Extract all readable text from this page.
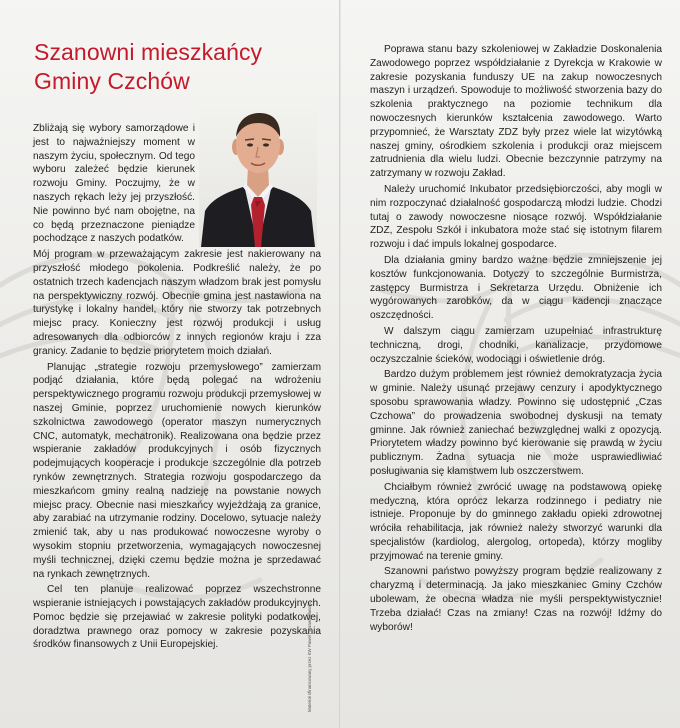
Szanowni mieszkańcy
Gminy Czchów

Zbliżają się wybory samorządowe i jest to najważniejszy moment w naszym życiu, społecznym. Od tego wyboru zależeć będzie kierunek rozwoju Gminy. Poczujmy, że w naszych rękach leży jej przyszłość. Nie powinno być nam obojętne, na co będą przeznaczone pieniądze pochodzące z naszych podatków.

Mój program w przeważającym zakresie jest nakierowany na przyszłość młodego pokolenia. Podkreślić należy, że po ostatnich trzech kadencjach naszym władzom brak jest pomysłu na perspektywiczny rozwój. Obecnie gmina jest nastawiona na turystykę i lokalny handel, który nie stworzy tak potrzebnych miejsc pracy. Konieczny jest rozwój produkcji i usług adresowanych dla odbiorców z innych regionów kraju i zza granicy. Zadanie to będzie priorytetem moich działań.

Planując „strategie rozwoju przemysłowego” zamierzam podjąć działania, które będą polegać na wdrożeniu perspektywicznego programu rozwoju produkcji przemysłowej w naszej Gminie, poprzez uruchomienie nowych kierunków szkolnictwa zawodowego (operator maszyn numerycznych CNC, automatyk, mechatronik). Realizowana ona będzie przez wspieranie zakładów produkcyjnych i osób fizycznych podejmujących kooperacje i produkcje szczególnie dla potrzeb rynków zewnętrznych. Strategia rozwoju gospodarczego da mieszkańcom gminy realną nadzieję na powstanie nowych miejsc pracy. Obecnie nasi mieszkańcy wyjeżdżają za granice, aby zarabiać na utrzymanie rodziny. Docelowo, sytuacje należy zmienić tak, aby u nas produkować nowoczesne wyroby o wysokim stopniu przetworzenia, wymagających nowoczesnej myśli technicznej, dzięki czemu będzie można je sprzedawać na rynkach zewnętrznych.

Cel ten planuje realizować poprzez wszechstronne wspieranie istniejących i powstających zakładów produkcyjnych. Pomoc będzie się przejawiać w zakresie polityki podatkowej, doradztwa prawnego oraz pomocy w zakresie pozyskania środków finansowych z Unii Europejskiej.	Materiał sfinansowany przez KW Pawel i sprawiedliwość

Poprawa stanu bazy szkoleniowej w Zakładzie Doskonalenia Zawodowego poprzez współdziałanie z Dyrekcja w Krakowie w zakresie pozyskania funduszy UE na zakup nowoczesnych maszyn i urządzeń. Spowoduje to możliwość stworzenia bazy do szkolenia praktycznego na poziomie technikum dla nowoczesnych kierunków kształcenia zawodowego. Warto przypomnieć, że Warsztaty ZDZ były przez wiele lat wizytówką naszej gminy, ośrodkiem szkolenia i produkcji oraz miejscem zatrudnienia dla wielu ludzi. Obecnie bezczynnie patrzymy na zatrzymany w rozwoju Zakład.

Należy uruchomić Inkubator przedsiębiorczości, aby mogli w nim rozpoczynać działalność gospodarczą młodzi ludzie. Chodzi tutaj o zawody nowoczesne niosące rozwój. Współdziałanie ZDZ, Zespołu Szkół i inkubatora może stać się istotnym filarem rozwoju i dać impuls lokalnej gospodarce.

Dla działania gminy bardzo ważne będzie zmniejszenie jej kosztów funkcjonowania. Dotyczy to szczególnie Burmistrza, zastępcy Burmistrza i Sekretarza Urzędu. Obniżenie ich wygórowanych zarobków, da w ciągu kadencji znaczące oszczędności.

W dalszym ciągu zamierzam uzupełniać infrastrukturę techniczną, drogi, chodniki, kanalizacje, przydomowe oczyszczalnie ścieków, wodociągi i oświetlenie dróg.

Bardzo dużym problemem jest również demokratyzacja życia w gminie. Należy usunąć przejawy cenzury i apodyktycznego sposobu sprawowania władzy. Powinno się udostępnić „Czas Czchowa” do prowadzenia swobodnej dyskusji na tematy gminne. Jak również zaniechać bezwzględnej walki z opozycją. Priorytetem władzy powinno być kierowanie się prawdą w życiu publicznym. Żadna sytuacja nie może usprawiedliwiać posługiwania się kłamstwem lub oszczerstwem.

Chciałbym również zwrócić uwagę na podstawową opiekę medyczną, która oprócz lekarza rodzinnego i pediatry nie istnieje. Proponuje by do gminnego zakładu opieki zdrowotnej wróciła rehabilitacja, jak również należy stworzyć warunki dla specjalistów (kardiolog, alergolog, ortopeda), którzy mogliby przyjmować na terenie gminy.

Szanowni państwo powyższy program będzie realizowany z charyzmą i determinacją. Ja jako mieszkaniec Gminy Czchów ubolewam, że obecna władza nie myśli perspektywistycznie! Trzeba działać! Czas na zmiany! Czas na rozwój! Idźmy do wyborów!
